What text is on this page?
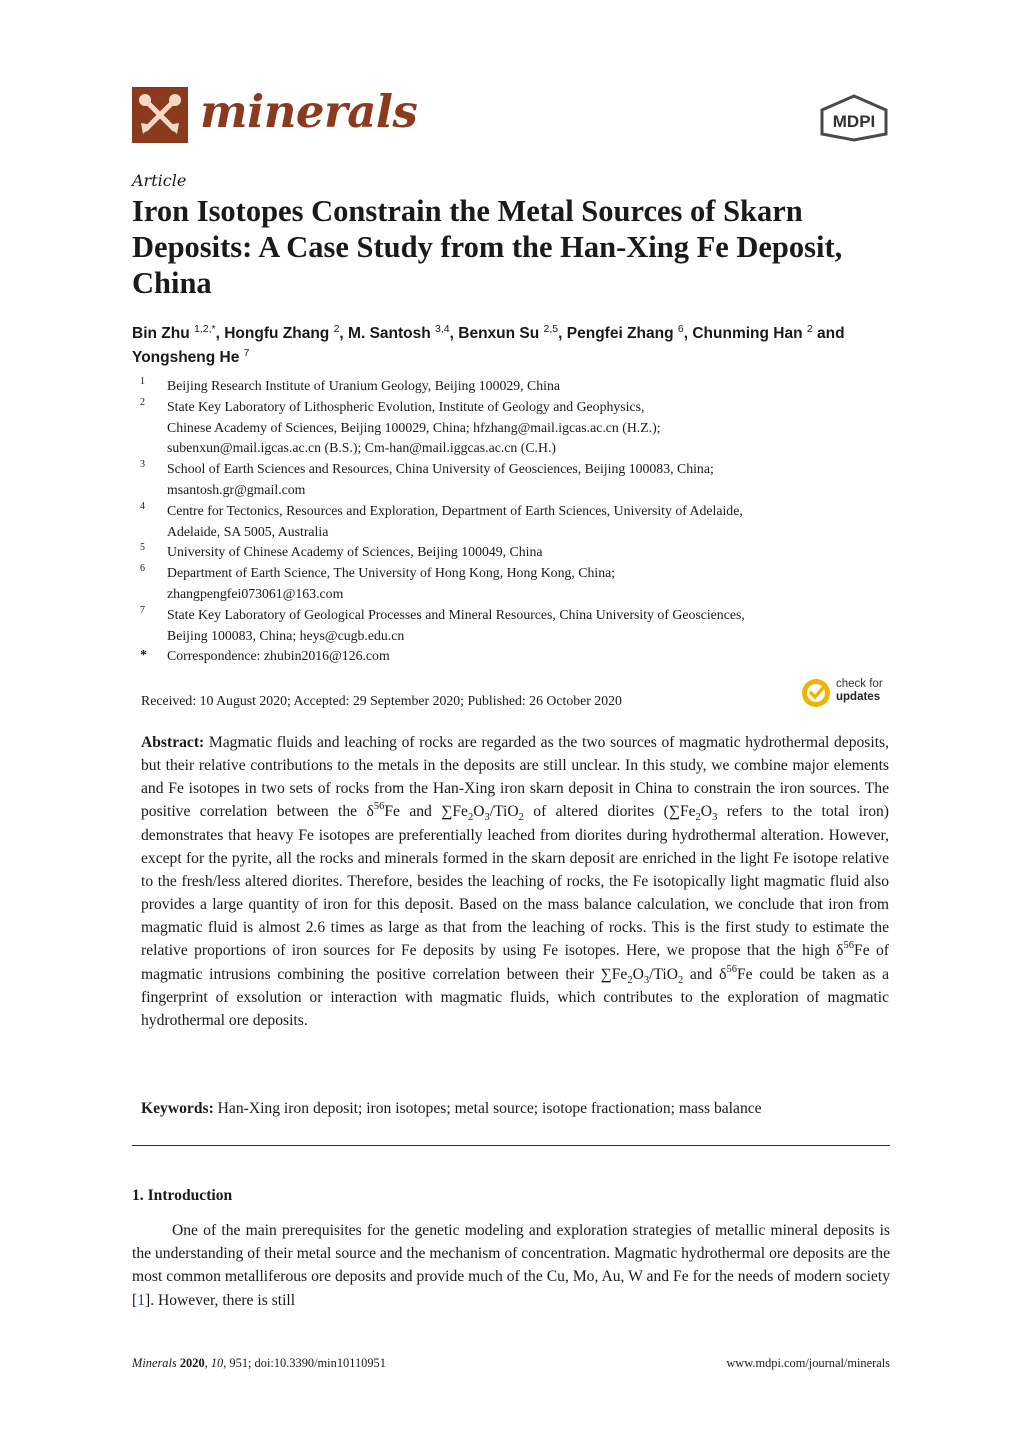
minerals	MDPI
Article
Iron Isotopes Constrain the Metal Sources of Skarn Deposits: A Case Study from the Han-Xing Fe Deposit, China
Bin Zhu $^{1,2,*}$, Hongfu Zhang $^2$, M. Santosh $^{3,4}$, Benxun Su $^{2,5}$, Pengfei Zhang $^6$, Chunming Han $^2$ and
Yongsheng He $^7$
1 Beijing Research Institute of Uranium Geology, Beijing 100029, China
2 State Key Laboratory of Lithospheric Evolution, Institute of Geology and Geophysics,
Chinese Academy of Sciences, Beijing 100029, China; hfzhang@mail.igcas.ac.cn (H.Z.);
subenxun@mail.igcas.ac.cn (B.S.); Cm-han@mail.iggcas.ac.cn (C.H.)
3 School of Earth Sciences and Resources, China University of Geosciences, Beijing 100083, China;
msantosh.gr@gmail.com
4 Centre for Tectonics, Resources and Exploration, Department of Earth Sciences, University of Adelaide,
Adelaide, SA 5005, Australia
5 University of Chinese Academy of Sciences, Beijing 100049, China
6 Department of Earth Science, The University of Hong Kong, Hong Kong, China;
zhangpengfei073061@163.com
7 State Key Laboratory of Geological Processes and Mineral Resources, China University of Geosciences,
Beijing 100083, China; heys@cugb.edu.cn
* Correspondence: zhubin2016@126.com
Received: 10 August 2020; Accepted: 29 September 2020; Published: 26 October 2020
check for
updates
Abstract: Magmatic fluids and leaching of rocks are regarded as the two sources of magmatic hydrothermal deposits, but their relative contributions to the metals in the deposits are still unclear. In this study, we combine major elements and Fe isotopes in two sets of rocks from the Han-Xing iron skarn deposit in China to constrain the iron sources. The positive correlation between the $\delta^{56}Fe$ and $\sum Fe_2O_3/TiO_2$ of altered diorites ($\sum Fe_2O_3$ refers to the total iron) demonstrates that heavy Fe isotopes are preferentially leached from diorites during hydrothermal alteration. However, except for the pyrite, all the rocks and minerals formed in the skarn deposit are enriched in the light Fe isotope relative to the fresh/less altered diorites. Therefore, besides the leaching of rocks, the Fe isotopically light magmatic fluid also provides a large quantity of iron for this deposit. Based on the mass balance calculation, we conclude that iron from magmatic fluid is almost 2.6 times as large as that from the leaching of rocks. This is the first study to estimate the relative proportions of iron sources for Fe deposits by using Fe isotopes. Here, we propose that the high $\delta^{56}Fe$ of magmatic intrusions combining the positive correlation between their $\sum Fe_2O_3/TiO_2$ and $\delta^{56}Fe$ could be taken as a fingerprint of exsolution or interaction with magmatic fluids, which contributes to the exploration of magmatic hydrothermal ore deposits.
Keywords: Han-Xing iron deposit; iron isotopes; metal source; isotope fractionation; mass balance
1. Introduction
One of the main prerequisites for the genetic modeling and exploration strategies of metallic mineral deposits is the understanding of their metal source and the mechanism of concentration. Magmatic hydrothermal ore deposits are the most common metalliferous ore deposits and provide much of the Cu, Mo, Au, W and Fe for the needs of modern society [1]. However, there is still
Minerals 2020, 10, 951; doi:10.3390/min10110951	www.mdpi.com/journal/minerals
